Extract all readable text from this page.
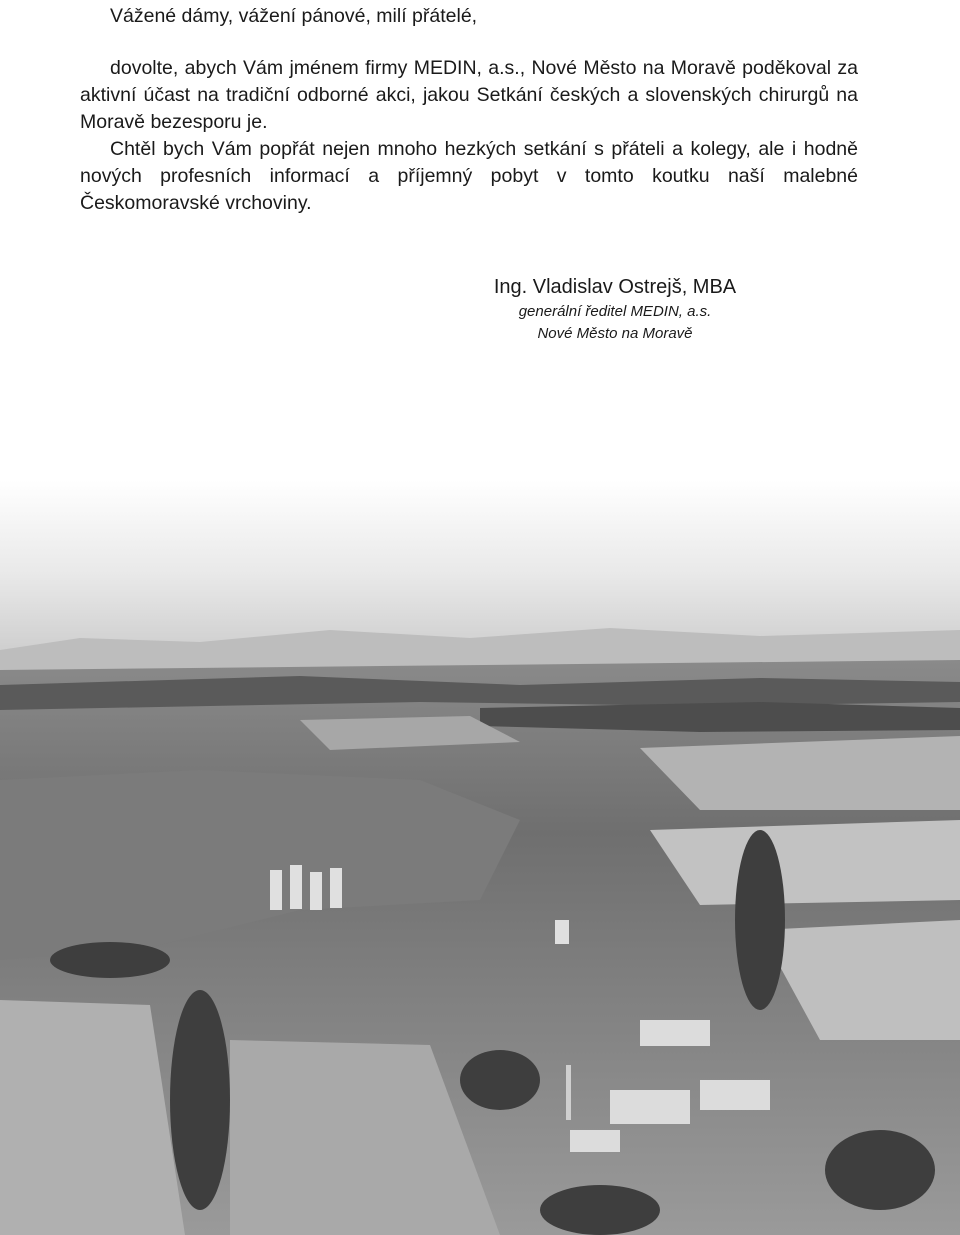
Vážené dámy, vážení pánové, milí přátelé,

dovolte, abych Vám jménem firmy MEDIN, a.s., Nové Město na Moravě poděkoval za aktivní účast na tradiční odborné akci, jakou Setkání českých a slovenských chirurgů na Moravě bezesporu je.

Chtěl bych Vám popřát nejen mnoho hezkých setkání s přáteli a kolegy, ale i hodně nových profesních informací a příjemný pobyt v tomto koutku naší malebné Českomoravské vrchoviny.

Ing. Vladislav Ostrejš, MBA

generální ředitel MEDIN, a.s.

Nové Město na Moravě
